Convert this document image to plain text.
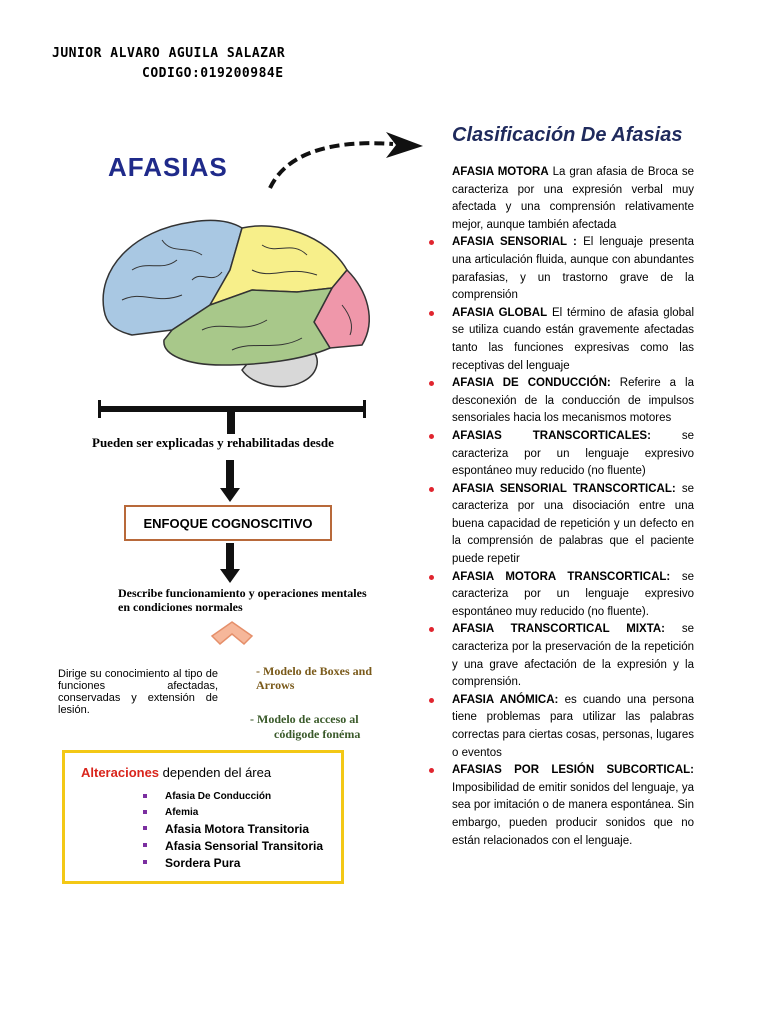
JUNIOR ALVARO AGUILA SALAZAR
CODIGO:019200984E
AFASIAS
Clasificación De Afasias
Pueden ser explicadas y rehabilitadas desde
ENFOQUE COGNOSCITIVO
Describe funcionamiento y operaciones mentales en condiciones normales
Dirige su conocimiento al tipo de funciones afectadas, conservadas y extensión de lesión.
- Modelo de Boxes and Arrows
- Modelo de acceso al
códigode fonéma
Alteraciones dependen del área
Afasia De Conducción
Afemia
Afasia Motora Transitoria
Afasia Sensorial Transitoria
Sordera Pura
AFASIA MOTORA La gran afasia de Broca se caracteriza por una expresión verbal muy afectada y una comprensión relativamente mejor, aunque también afectada
AFASIA SENSORIAL : El lenguaje presenta una articulación fluida, aunque con abundantes parafasias, y un trastorno grave de la comprensión
AFASIA GLOBAL El término de afasia global se utiliza cuando están gravemente afectadas tanto las funciones expresivas como las receptivas del lenguaje
AFASIA DE CONDUCCIÓN: Referire a la desconexión de la conducción de impulsos sensoriales hacia los mecanismos motores
AFASIAS TRANSCORTICALES: se caracteriza por un lenguaje expresivo espontáneo muy reducido (no fluente)
AFASIA SENSORIAL TRANSCORTICAL: se caracteriza por una disociación entre una buena capacidad de repetición y un defecto en la comprensión de palabras que el paciente puede repetir
AFASIA MOTORA TRANSCORTICAL: se caracteriza por un lenguaje expresivo espontáneo muy reducido (no fluente).
AFASIA TRANSCORTICAL MIXTA: se caracteriza por la preservación de la repetición y una grave afectación de la expresión y la comprensión.
AFASIA ANÓMICA: es cuando una persona tiene problemas para utilizar las palabras correctas para ciertas cosas, personas, lugares o eventos
AFASIAS POR LESIÓN SUBCORTICAL: Imposibilidad de emitir sonidos del lenguaje, ya sea por imitación o de manera espontánea. Sin embargo, pueden producir sonidos que no están relacionados con el lenguaje.
